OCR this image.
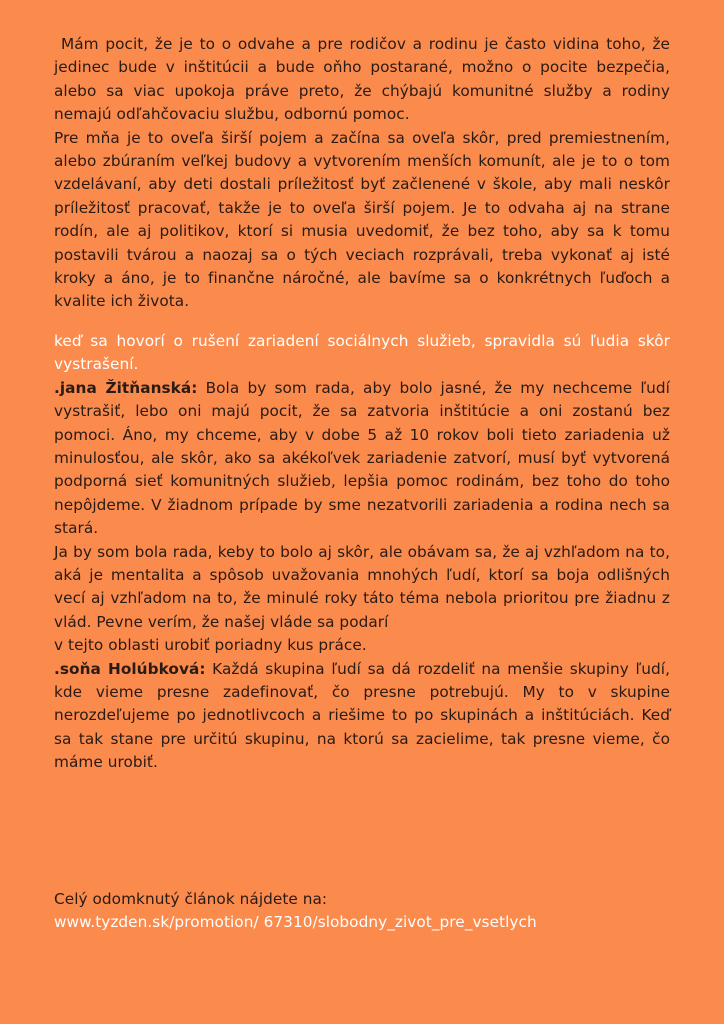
Mám pocit, že je to o odvahe a pre rodičov a rodinu je často vidina toho, že jedinec bude v inštitúcii a bude oňho postarané, možno o pocite bezpečia, alebo sa viac upokoja práve preto, že chýbajú komunitné služby a rodiny nemajú odľahčovaciu službu, odbornú pomoc.

Pre mňa je to oveľa širší pojem a začína sa oveľa skôr, pred premiestnením, alebo zbúraním veľkej budovy a vytvorením menších komunít, ale je to o tom vzdelávaní, aby deti dostali príležitosť byť začlenené v škole, aby mali neskôr príležitosť pracovať, takže je to oveľa širší pojem. Je to odvaha aj na strane rodín, ale aj politikov, ktorí si musia uvedomiť, že bez toho, aby sa k tomu postavili tvárou a naozaj sa o tých veciach rozprávali, treba vykonať aj isté kroky a áno, je to finančne náročné, ale bavíme sa o konkrétnych ľuďoch a kvalite ich života.

keď sa hovorí o rušení zariadení sociálnych služieb, spravidla sú ľudia skôr vystrašení.

.jana Žitňanská: Bola by som rada, aby bolo jasné, že my nechceme ľudí vystrašiť, lebo oni majú pocit, že sa zatvoria inštitúcie a oni zostanú bez pomoci. Áno, my chceme, aby v dobe 5 až 10 rokov boli tieto zariadenia už minulosťou, ale skôr, ako sa akékoľvek zariadenie zatvorí, musí byť vytvorená podporná sieť komunitných služieb, lepšia pomoc rodinám, bez toho do toho nepôjdeme. V žiadnom prípade by sme nezatvorili zariadenia a rodina nech sa stará.

Ja by som bola rada, keby to bolo aj skôr, ale obávam sa, že aj vzhľadom na to, aká je mentalita a spôsob uvažovania mnohých ľudí, ktorí sa boja odlišných vecí aj vzhľadom na to, že minulé roky táto téma nebola prioritou pre žiadnu z vlád. Pevne verím, že našej vláde sa podarí

v tejto oblasti urobiť poriadny kus práce.

.soňa Holúbková: Každá skupina ľudí sa dá rozdeliť na menšie skupiny ľudí, kde vieme presne zadefinovať, čo presne potrebujú. My to v skupine nerozdeľujeme po jednotlivcoch a riešime to po skupinách a inštitúciách. Keď sa tak stane pre určitú skupinu, na ktorú sa zacielime, tak presne vieme, čo máme urobiť.

Celý odomknutý článok nájdete na:

www.tyzden.sk/promotion/ 67310/slobodny_zivot_pre_vsetlych
